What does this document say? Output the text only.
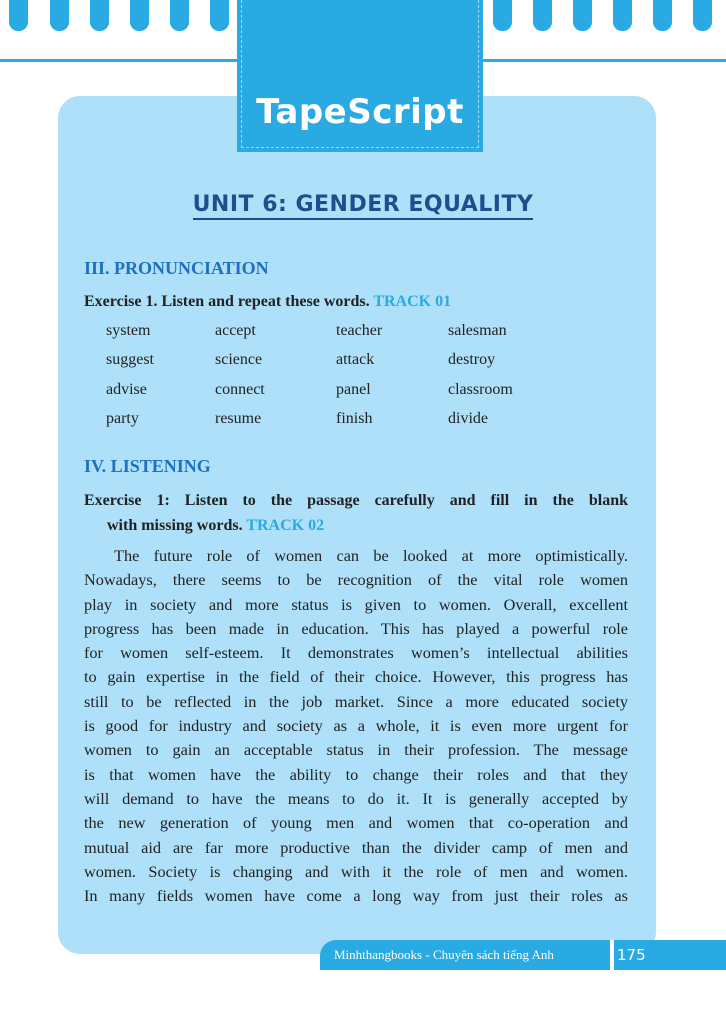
TapeScript
UNIT 6: GENDER EQUALITY
III. PRONUNCIATION
Exercise 1. Listen and repeat these words. TRACK 01
system	accept	teacher	salesman
suggest	science	attack	destroy
advise	connect	panel	classroom
party	resume	finish	divide
IV. LISTENING
Exercise 1: Listen to the passage carefully and fill in the blank
with missing words. TRACK 02
The future role of women can be looked at more optimistically.
Nowadays, there seems to be recognition of the vital role women
play in society and more status is given to women. Overall, excellent
progress has been made in education. This has played a powerful role
for women self-esteem. It demonstrates women’s intellectual abilities
to gain expertise in the field of their choice. However, this progress has
still to be reflected in the job market. Since a more educated society
is good for industry and society as a whole, it is even more urgent for
women to gain an acceptable status in their profession. The message
is that women have the ability to change their roles and that they
will demand to have the means to do it. It is generally accepted by
the new generation of young men and women that co-operation and
mutual aid are far more productive than the divider camp of men and
women. Society is changing and with it the role of men and women.
In many fields women have come a long way from just their roles as
Minhthangbooks - Chuyên sách tiếng Anh	175
